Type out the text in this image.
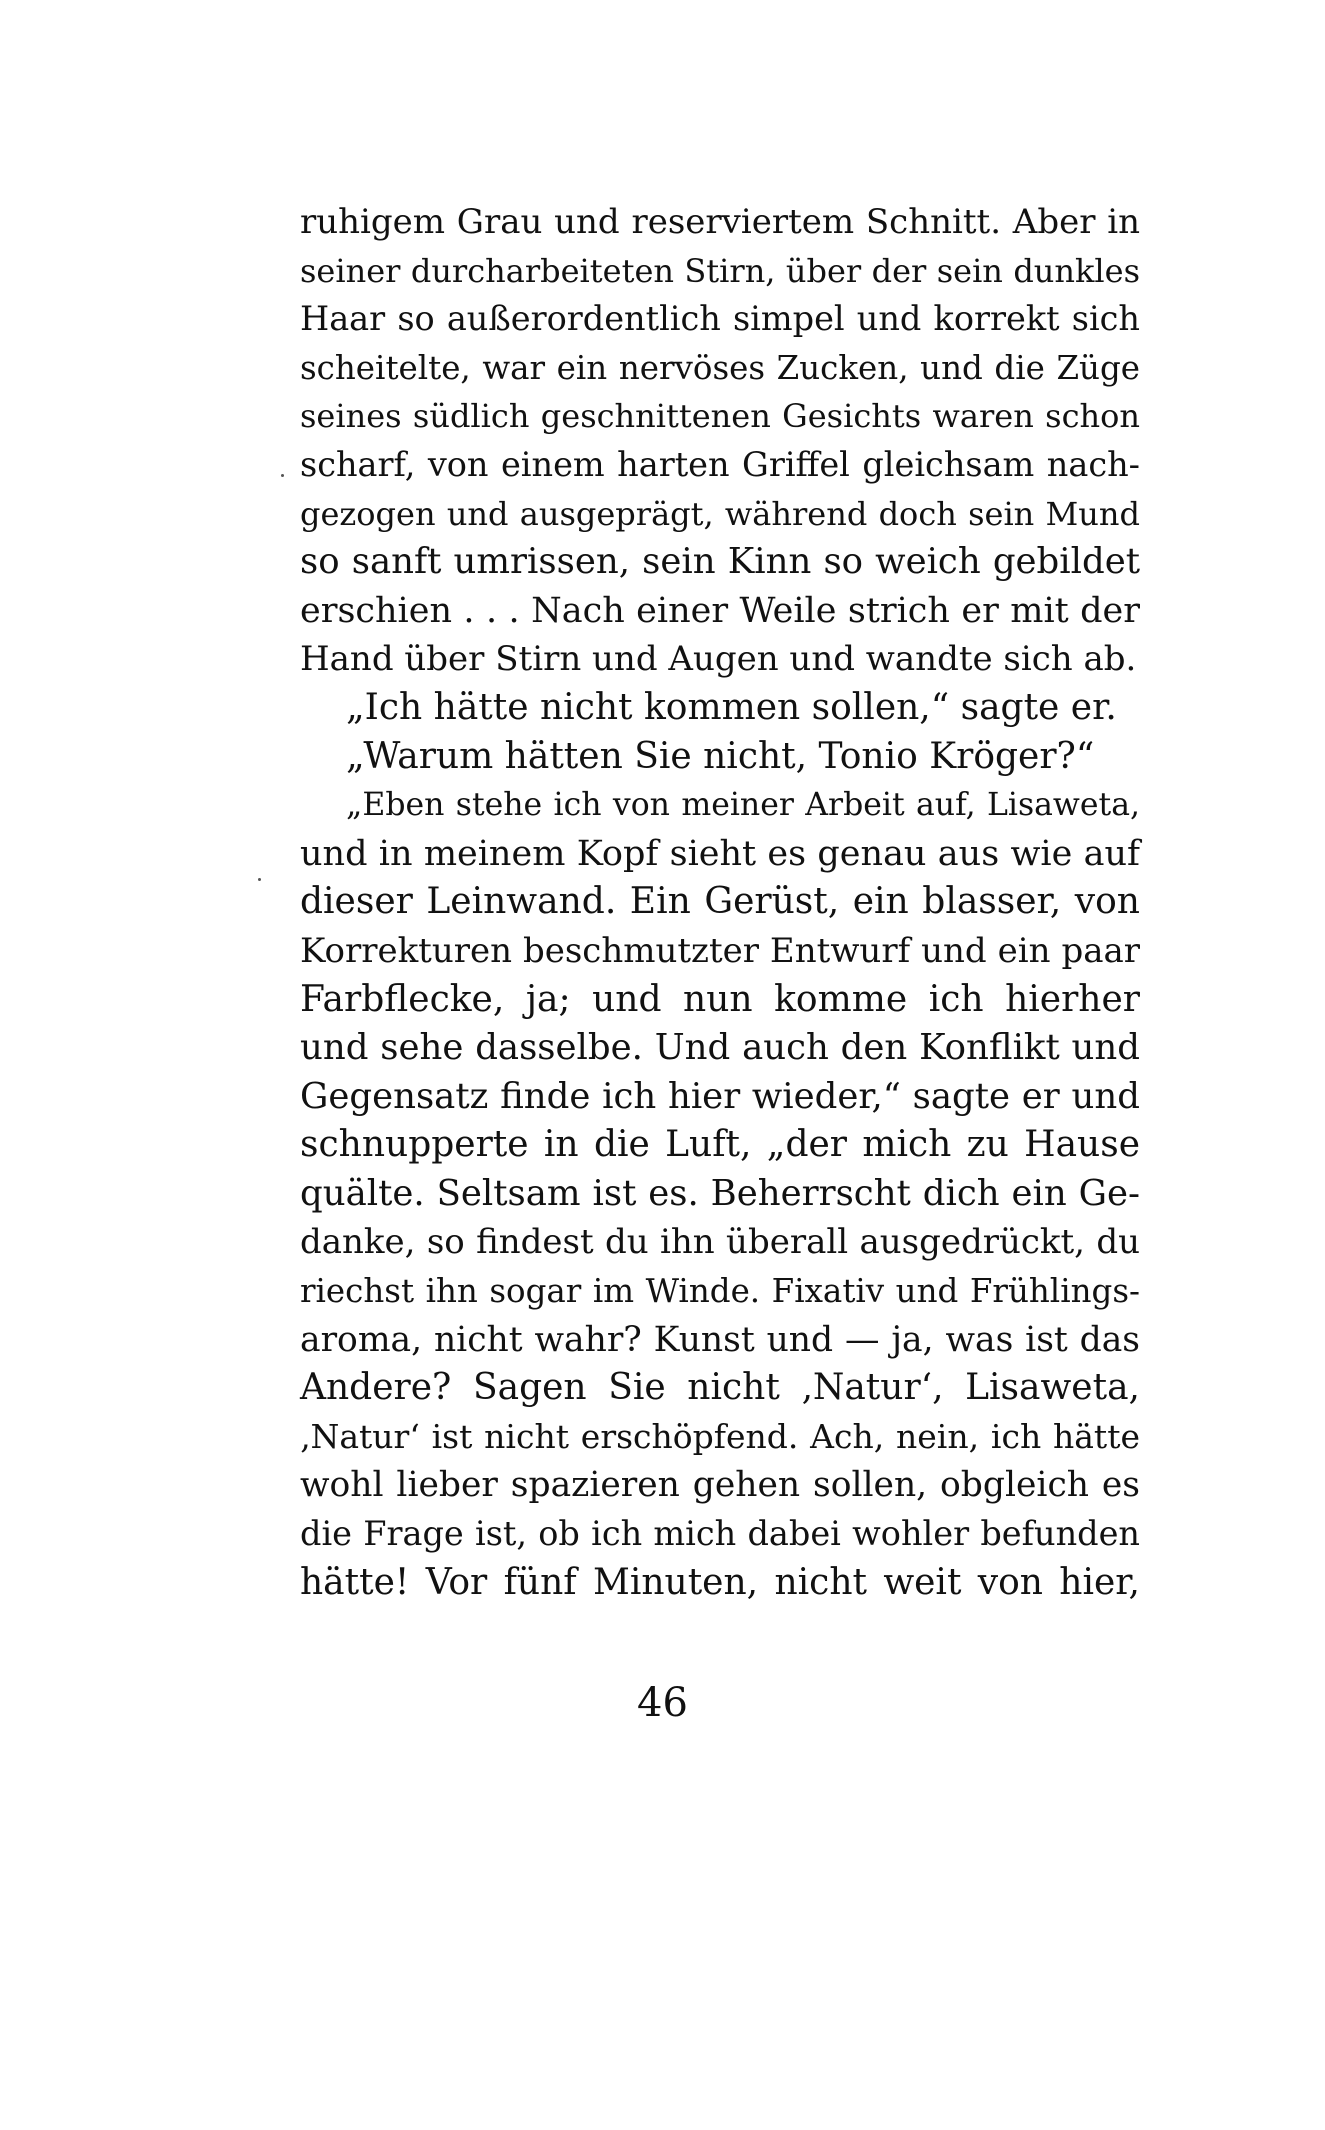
ruhigem Grau und reserviertem Schnitt. Aber in
seiner durcharbeiteten Stirn, über der sein dunkles
Haar so außerordentlich simpel und korrekt sich
scheitelte, war ein nervöses Zucken, und die Züge
seines südlich geschnittenen Gesichts waren schon
scharf, von einem harten Griffel gleichsam nach-
gezogen und ausgeprägt, während doch sein Mund
so sanft umrissen, sein Kinn so weich gebildet
erschien . . . Nach einer Weile strich er mit der
Hand über Stirn und Augen und wandte sich ab.
„Ich hätte nicht kommen sollen,“ sagte er.
„Warum hätten Sie nicht, Tonio Kröger?“
„Eben stehe ich von meiner Arbeit auf, Lisaweta,
und in meinem Kopf sieht es genau aus wie auf
dieser Leinwand. Ein Gerüst, ein blasser, von
Korrekturen beschmutzter Entwurf und ein paar
Farbflecke, ja; und nun komme ich hierher
und sehe dasselbe. Und auch den Konflikt und
Gegensatz finde ich hier wieder,“ sagte er und
schnupperte in die Luft, „der mich zu Hause
quälte. Seltsam ist es. Beherrscht dich ein Ge-
danke, so findest du ihn überall ausgedrückt, du
riechst ihn sogar im Winde. Fixativ und Frühlings-
aroma, nicht wahr? Kunst und — ja, was ist das
Andere? Sagen Sie nicht ‚Natur‘, Lisaweta,
‚Natur‘ ist nicht erschöpfend. Ach, nein, ich hätte
wohl lieber spazieren gehen sollen, obgleich es
die Frage ist, ob ich mich dabei wohler befunden
hätte! Vor fünf Minuten, nicht weit von hier,
46
